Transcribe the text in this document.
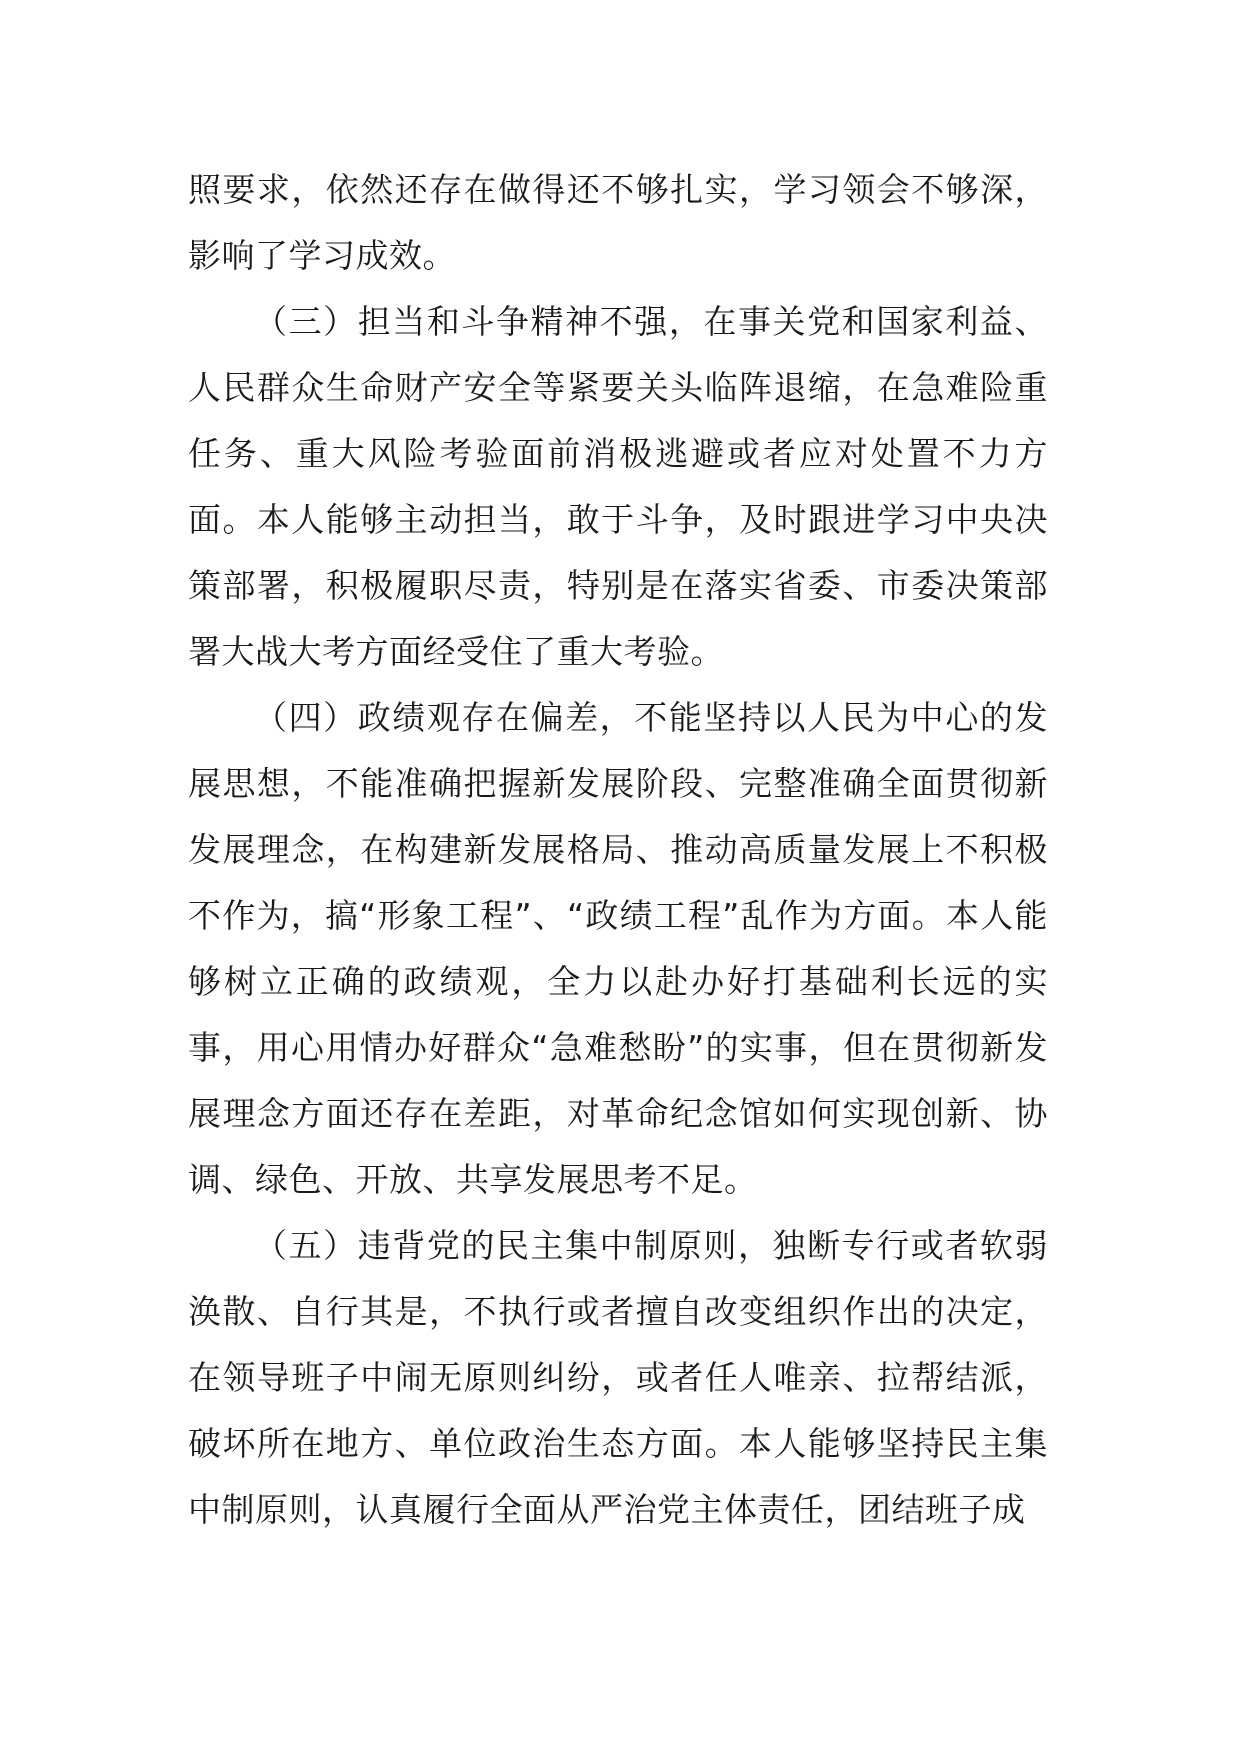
照要求，依然还存在做得还不够扎实，学习领会不够深，影响了学习成效。

（三）担当和斗争精神不强，在事关党和国家利益、人民群众生命财产安全等紧要关头临阵退缩，在急难险重任务、重大风险考验面前消极逃避或者应对处置不力方面。本人能够主动担当，敢于斗争，及时跟进学习中央决策部署，积极履职尽责，特别是在落实省委、市委决策部署大战大考方面经受住了重大考验。

（四）政绩观存在偏差，不能坚持以人民为中心的发展思想，不能准确把握新发展阶段、完整准确全面贯彻新发展理念，在构建新发展格局、推动高质量发展上不积极不作为，搞“形象工程”、“政绩工程”乱作为方面。本人能够树立正确的政绩观，全力以赴办好打基础利长远的实事，用心用情办好群众“急难愁盼”的实事，但在贯彻新发展理念方面还存在差距，对革命纪念馆如何实现创新、协调、绿色、开放、共享发展思考不足。

（五）违背党的民主集中制原则，独断专行或者软弱涣散、自行其是，不执行或者擅自改变组织作出的决定，在领导班子中闹无原则纠纷，或者任人唯亲、拉帮结派，破坏所在地方、单位政治生态方面。本人能够坚持民主集中制原则，认真履行全面从严治党主体责任，团结班子成
